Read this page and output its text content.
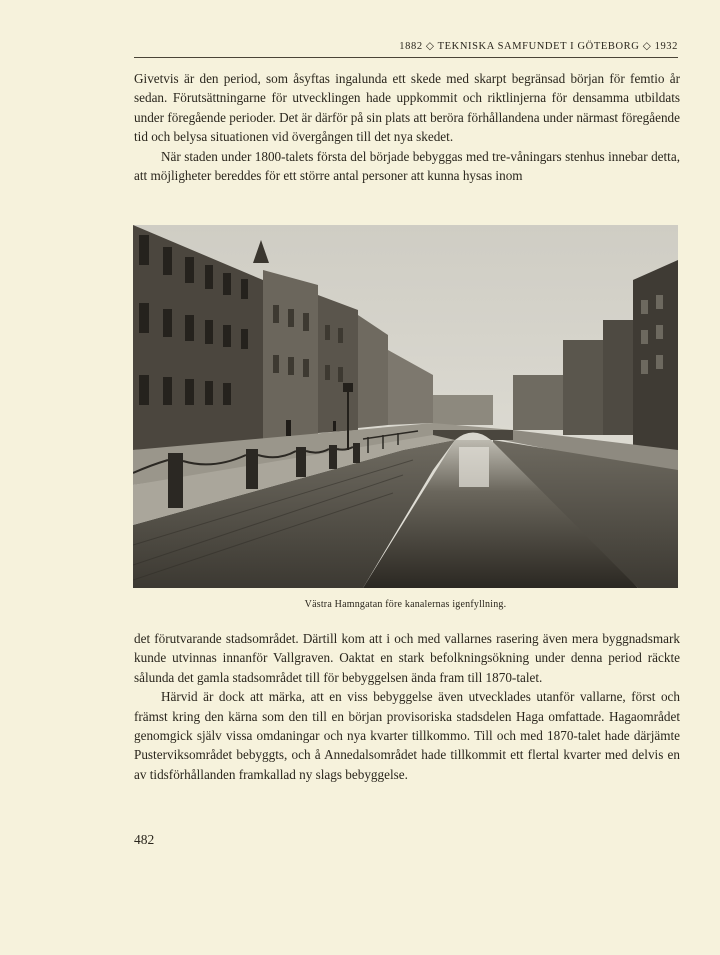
1882 ◇ TEKNISKA SAMFUNDET I GÖTEBORG ◇ 1932

Givetvis är den period, som åsyftas ingalunda ett skede med skarpt begränsad början för femtio år sedan. Förutsättningarne för utvecklingen hade uppkommit och riktlinjerna för densamma utbildats under föregående perioder. Det är därför på sin plats att beröra förhållandena under närmast föregående tid och belysa situationen vid övergången till det nya skedet.

När staden under 1800-talets första del började bebyggas med tre-våningars stenhus innebar detta, att möjligheter bereddes för ett större antal personer att kunna hysas inom

Västra Hamngatan före kanalernas igenfyllning.

det förutvarande stadsområdet. Därtill kom att i och med vallarnes rasering även mera byggnadsmark kunde utvinnas innanför Vallgraven. Oaktat en stark befolkningsökning under denna period räckte sålunda det gamla stadsområdet till för bebyggelsen ända fram till 1870-talet.

Härvid är dock att märka, att en viss bebyggelse även utvecklades utanför vallarne, först och främst kring den kärna som den till en början provisoriska stadsdelen Haga omfattade. Hagaområdet genomgick själv vissa omdaningar och nya kvarter tillkommo. Till och med 1870-talet hade därjämte Pusterviksområdet bebyggts, och å Annedalsområdet hade tillkommit ett flertal kvarter med delvis en av tidsförhållanden framkallad ny slags bebyggelse.

482
